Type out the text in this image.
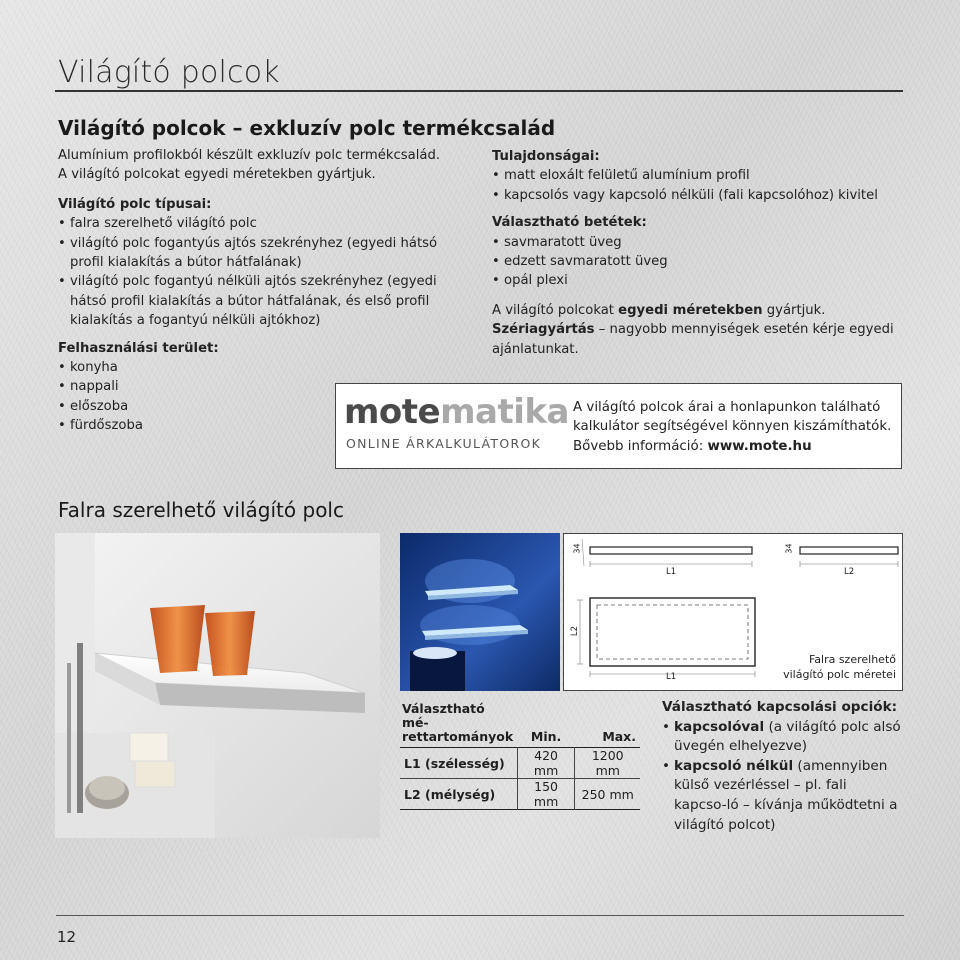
Világító polcok
Világító polcok – exkluzív polc termékcsalád
Alumínium profilokból készült exkluzív polc termékcsalád.
A világító polcokat egyedi méretekben gyártjuk.
Világító polc típusai:
• falra szerelhető világító polc
• világító polc fogantyús ajtós szekrényhez (egyedi hátsó profil kialakítás a bútor hátfalának)
• világító polc fogantyú nélküli ajtós szekrényhez (egyedi hátsó profil kialakítás a bútor hátfalának, és első profil kialakítás a fogantyú nélküli ajtókhoz)
Felhasználási terület:
• konyha
• nappali
• előszoba
• fürdőszoba
Tulajdonságai:
• matt eloxált felületű alumínium profil
• kapcsolós vagy kapcsoló nélküli (fali kapcsolóhoz) kivitel
Választható betétek:
• savmaratott üveg
• edzett savmaratott üveg
• opál plexi
A világító polcokat egyedi méretekben gyártjuk.
Szériagyártás – nagyobb mennyiségek esetén kérje egyedi ajánlatunkat.
motematika
ONLINE ÁRKALKULÁTOROK
A világító polcok árai a honlapunkon található
kalkulátor segítségével könnyen kiszámíthatók.
Bővebb információ: www.mote.hu
Falra szerelhető világító polc
34	34
L1	L2
L2
L1
Falra szerelhető
világító polc méretei
Választható mé-
rettartományok	Min.	Max.
L1 (szélesség)	420 mm	1200 mm
L2 (mélység)	150 mm	250 mm
Választható kapcsolási opciók:
• kapcsolóval (a világító polc alsó üvegén elhelyezve)
• kapcsoló nélkül (amennyiben külső vezérléssel – pl. fali kapcso-ló – kívánja működtetni a világító polcot)
12
